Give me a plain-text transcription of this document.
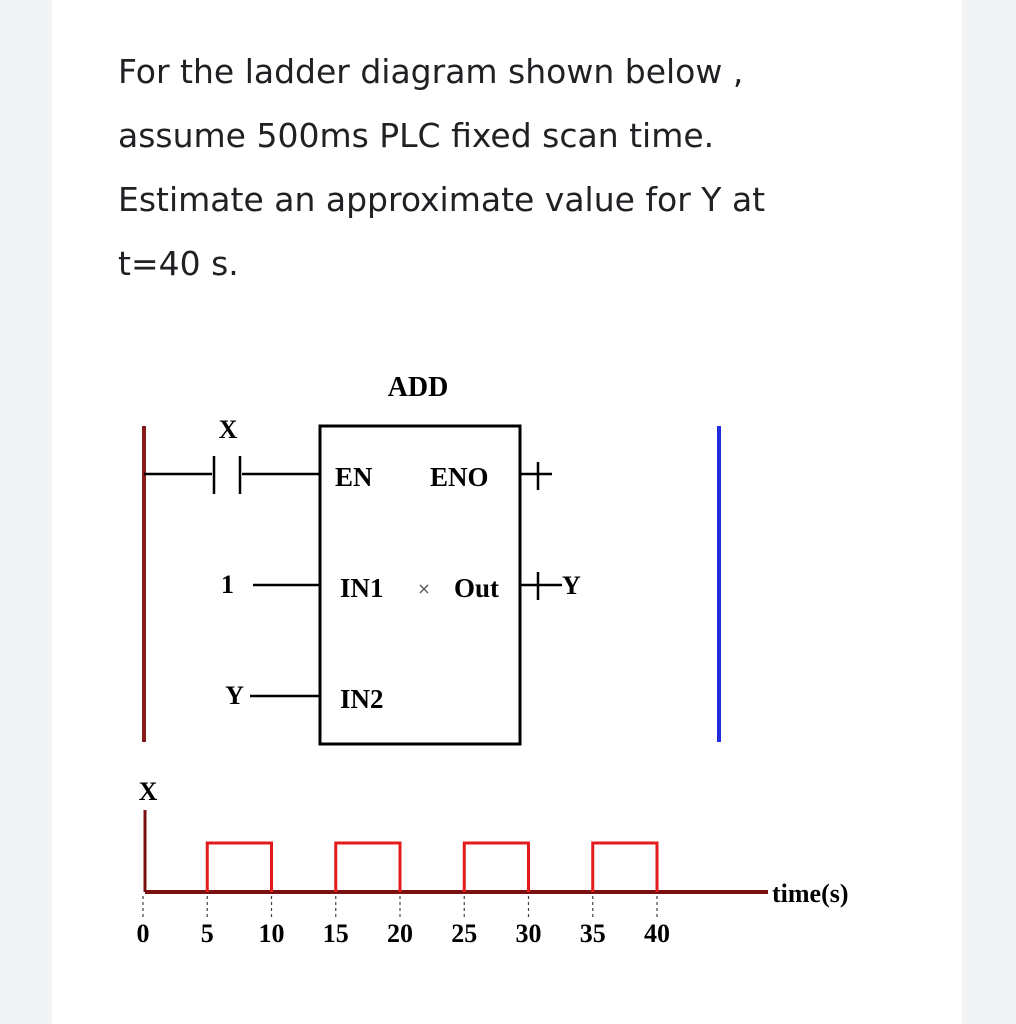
For the ladder diagram shown below ,
assume 500ms PLC fixed scan time.
Estimate an approximate value for Y at
t=40 s.
X
ADD
EN ENO
IN1 × Out
1	Y
IN2
Y
X
time(s)
0 5 10 15 20 25 30 35 40
